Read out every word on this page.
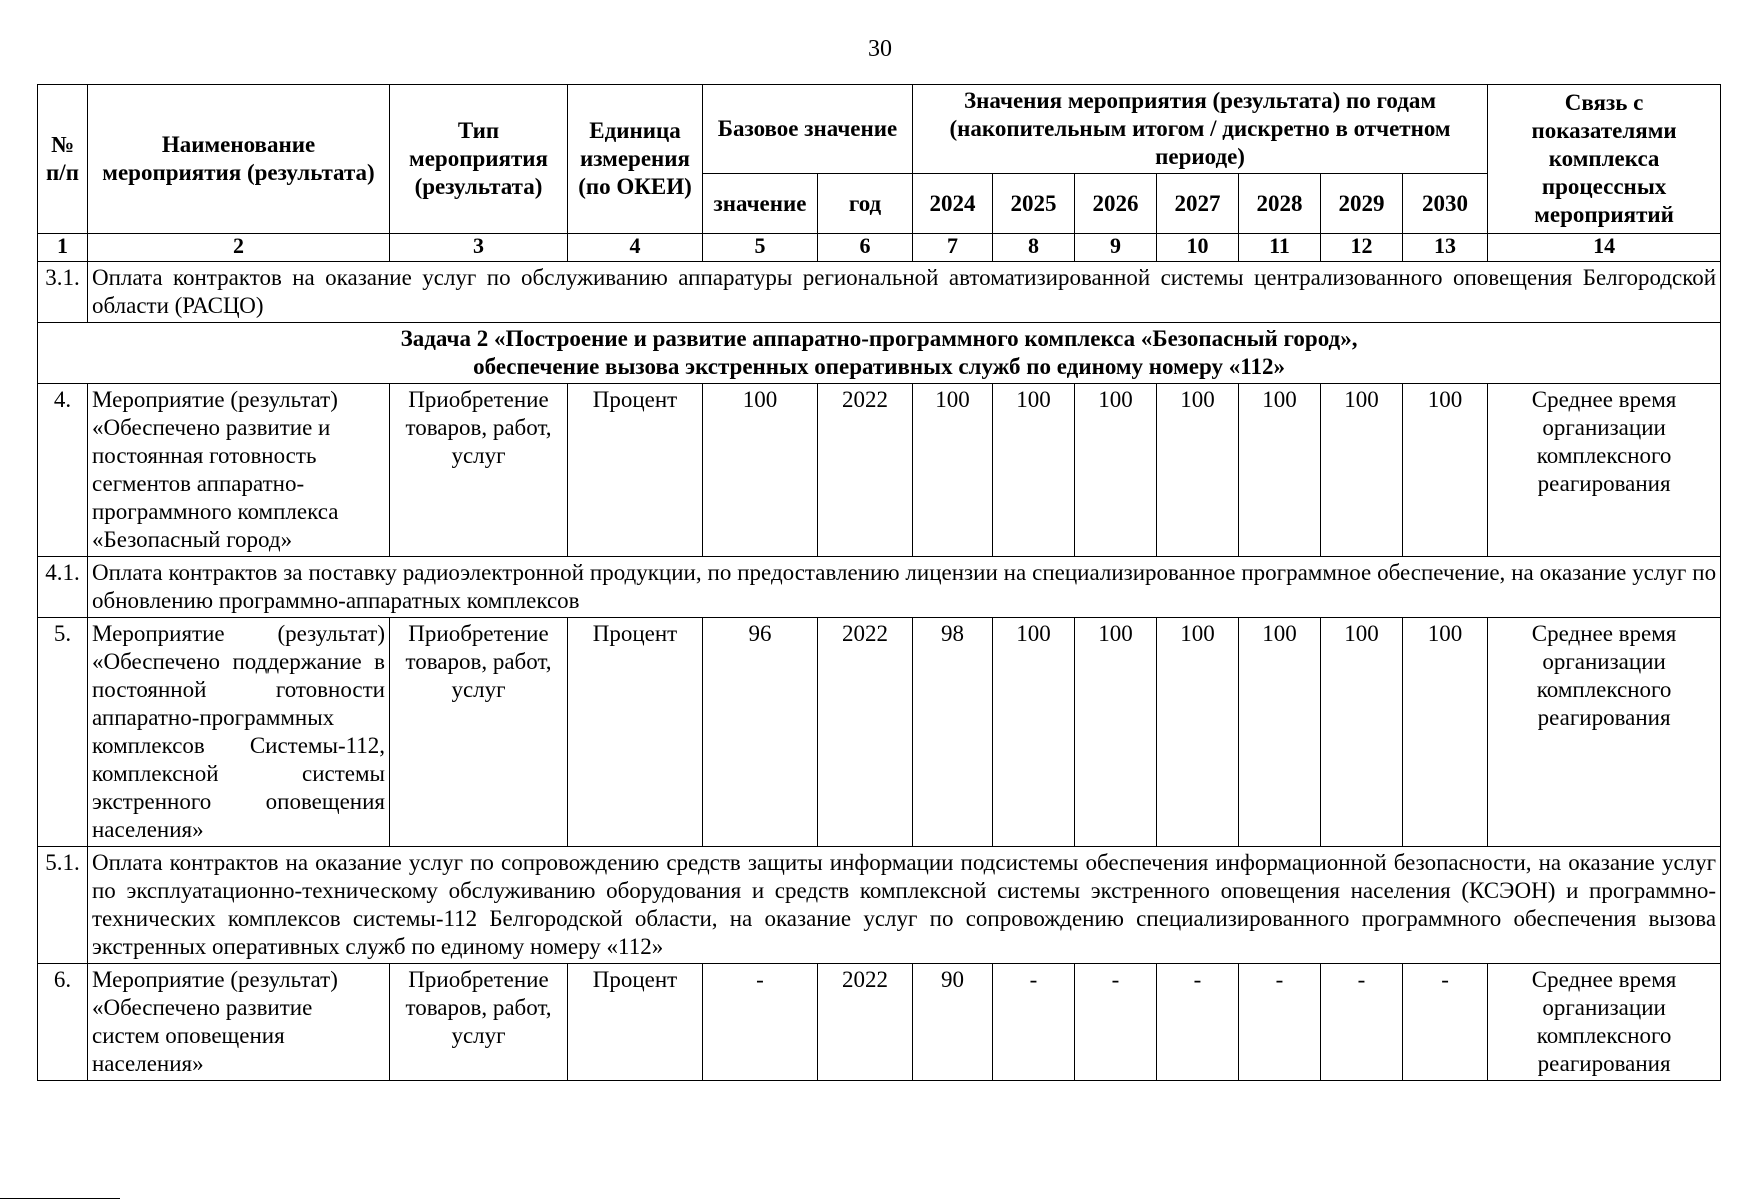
30
№ п/п	Наименование мероприятия (результата)	Тип мероприятия (результата)	Единица измерения (по ОКЕИ)	Базовое значение		Значения мероприятия (результата) по годам (накопительным итогом / дискретно в отчетном периоде)							Связь с показателями комплекса процессных мероприятий
				значение	год	2024	2025	2026	2027	2028	2029	2030	
1	2	3	4	5	6	7	8	9	10	11	12	13	14
3.1.	Оплата контрактов на оказание услуг по обслуживанию аппаратуры региональной автоматизированной системы централизованного оповещения Белгородской области (РАСЦО)												

Задача 2 «Построение и развитие аппаратно-программного комплекса «Безопасный город»,
обеспечение вызова экстренных оперативных служб по единому номеру «112»													

4.	Мероприятие (результат) «Обеспечено развитие и постоянная готовность сегментов аппаратно-программного комплекса «Безопасный город»	Приобретение товаров, работ, услуг	Процент	100	2022	100	100	100	100	100	100	100	Среднее время организации комплексного реагирования
4.1.	Оплата контрактов за поставку радиоэлектронной продукции, по предоставлению лицензии на специализированное программное обеспечение, на оказание услуг по обновлению программно-аппаратных комплексов												
5.	Мероприятие (результат) «Обеспечено поддержание в постоянной готовности аппаратно-программных комплексов Системы-112, комплексной системы экстренного оповещения населения»	Приобретение товаров, работ, услуг	Процент	96	2022	98	100	100	100	100	100	100	Среднее время организации комплексного реагирования
5.1.	Оплата контрактов на оказание услуг по сопровождению средств защиты информации подсистемы обеспечения информационной безопасности, на оказание услуг по эксплуатационно-техническому обслуживанию оборудования и средств комплексной системы экстренного оповещения населения (КСЭОН) и программно-технических комплексов системы-112 Белгородской области, на оказание услуг по сопровождению специализированного программного обеспечения вызова экстренных оперативных служб по единому номеру «112»												
6.	Мероприятие (результат) «Обеспечено развитие систем оповещения населения»	Приобретение товаров, работ, услуг	Процент	-	2022	90	-	-	-	-	-	-	Среднее время организации комплексного реагирования
